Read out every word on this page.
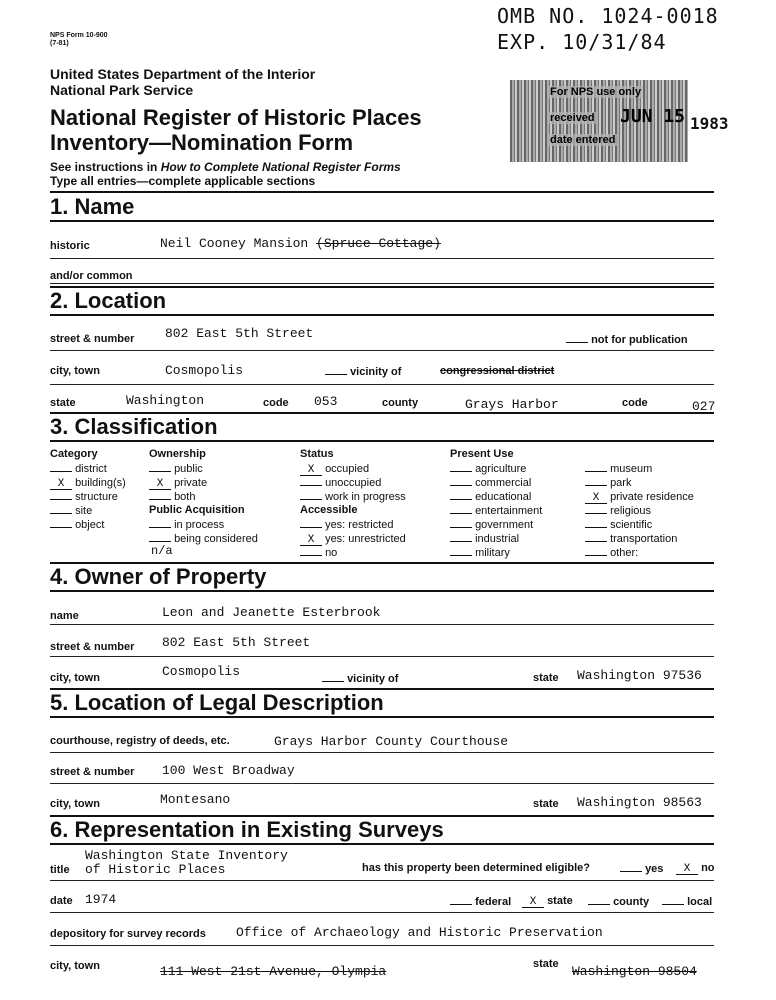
NPS Form 10-900
(7-81)
OMB NO. 1024-0018
EXP. 10/31/84
United States Department of the Interior
National Park Service
National Register of Historic Places
Inventory—Nomination Form
See instructions in How to Complete National Register Forms
Type all entries—complete applicable sections
For NPS use only
received
date entered
JUN 15 1983
1. Name
historic	Neil Cooney Mansion (Spruce Cottage)
and/or common
2. Location
street & number 802 East 5th Street	not for publication
city, town	Cosmopolis	vicinity of	congressional district
state	Washington	code 053	county	Grays Harbor	code	027
3. Classification
Category
district
X building(s)
structure
site
object
Ownership
public
X private
both
Public Acquisition
in process
being considered
n/a
Status
X occupied
unoccupied
work in progress
Accessible
yes: restricted
X yes: unrestricted
no
Present Use
agriculture
commercial
educational
entertainment
government
industrial
military
museum
park
X private residence
religious
scientific
transportation
other:
4. Owner of Property
name	Leon and Jeanette Esterbrook
street & number 802 East 5th Street
city, town	Cosmopolis	vicinity of	state Washington 97536
5. Location of Legal Description
courthouse, registry of deeds, etc.	Grays Harbor County Courthouse
street & number 100 West Broadway
city, town	Montesano	state Washington 98563
6. Representation in Existing Surveys
Washington State Inventory
title of Historic Places	has this property been determined eligible?	yes	X no
date 1974	federal	X state	county	local
depository for survey records Office of Archaeology and Historic Preservation
city, town	111 West 21st Avenue, Olympia	state Washington 98504
